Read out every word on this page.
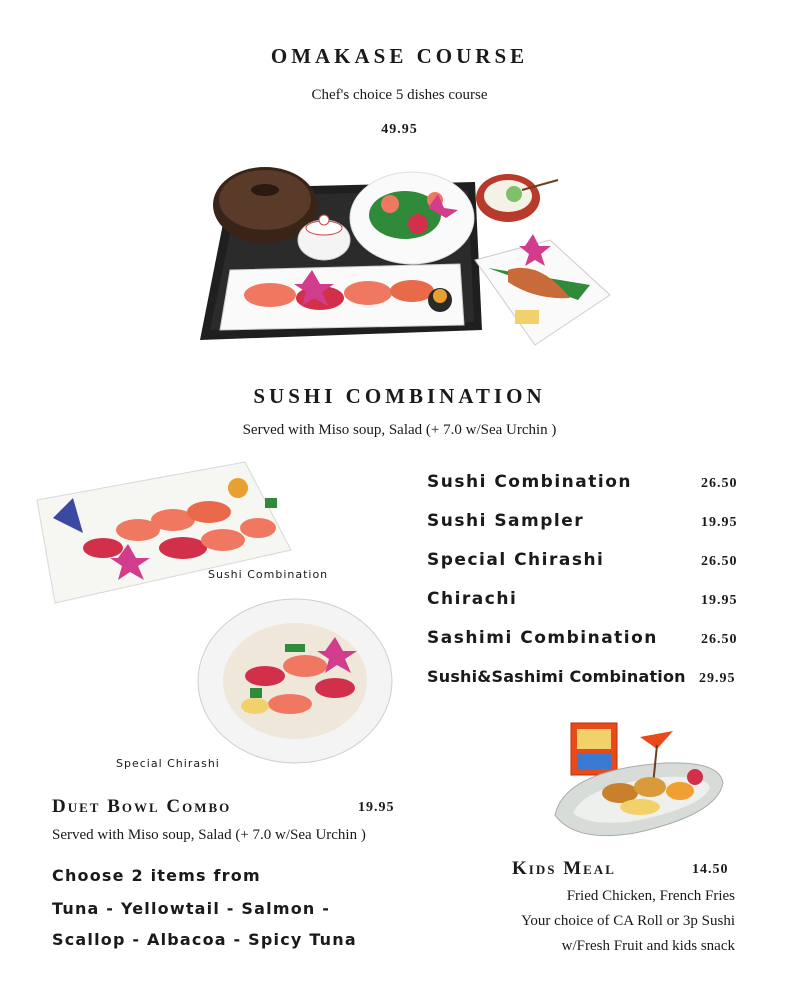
OMAKASE COURSE
Chef's choice 5 dishes course
49.95
SUSHI COMBINATION
Served with Miso soup, Salad (+ 7.0 w/Sea Urchin )
Sushi Combination
Special Chirashi
Sushi Combination	26.50
Sushi Sampler	19.95
Special Chirashi	26.50
Chirachi	19.95
Sashimi Combination	26.50
Sushi&Sashimi Combination 29.95
Duet Bowl Combo	19.95
Served with Miso soup, Salad (+ 7.0 w/Sea Urchin )
Choose 2 items from
Tuna - Yellowtail - Salmon -
Scallop - Albacoa - Spicy Tuna
Kids Meal	14.50
Fried Chicken, French Fries
Your choice of CA Roll or 3p Sushi
w/Fresh Fruit and kids snack
